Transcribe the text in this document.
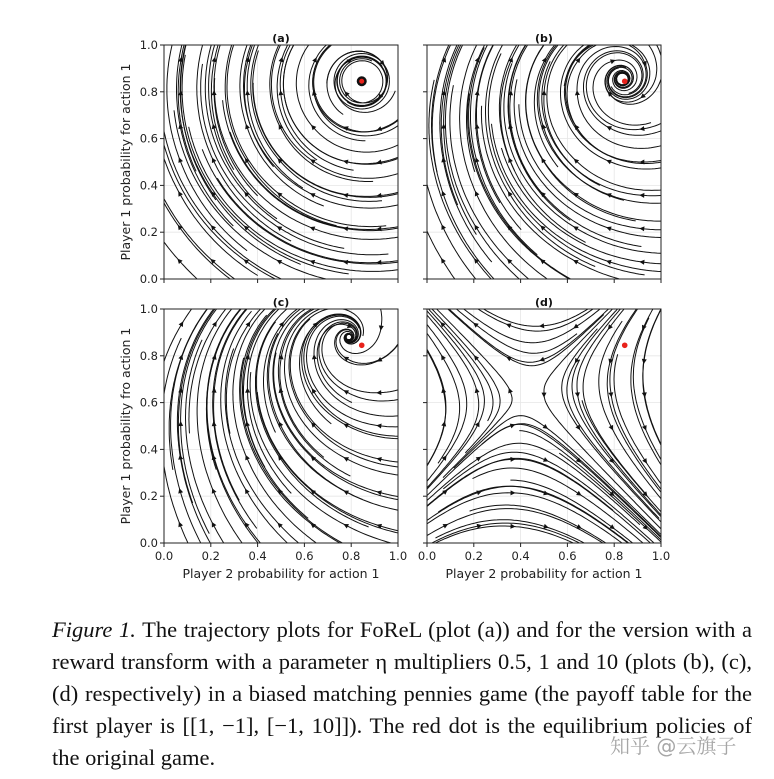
0.0
0.2
0.4
0.6
0.8
1.0	(a)
Player 1 probability for action 1
(b)
0.0
0.0
0.2
0.2
0.4
0.4
0.6
0.6
0.8
0.8
1.0
1.0	(c)
Player 2 probability for action 1
Player 1 probability fro action 1
0.0 0.2 0.4 0.6 0.8 1.0
(d)
Player 2 probability for action 1
Figure 1. The trajectory plots for FoReL (plot (a)) and for the version with a reward transform with a parameter η multipliers 0.5, 1 and 10 (plots (b), (c), (d) respectively) in a biased matching pennies game (the payoff table for the first player is [[1, −1], [−1, 10]]). The red dot is the equilibrium policies of the original game.	知乎 @云旗子
